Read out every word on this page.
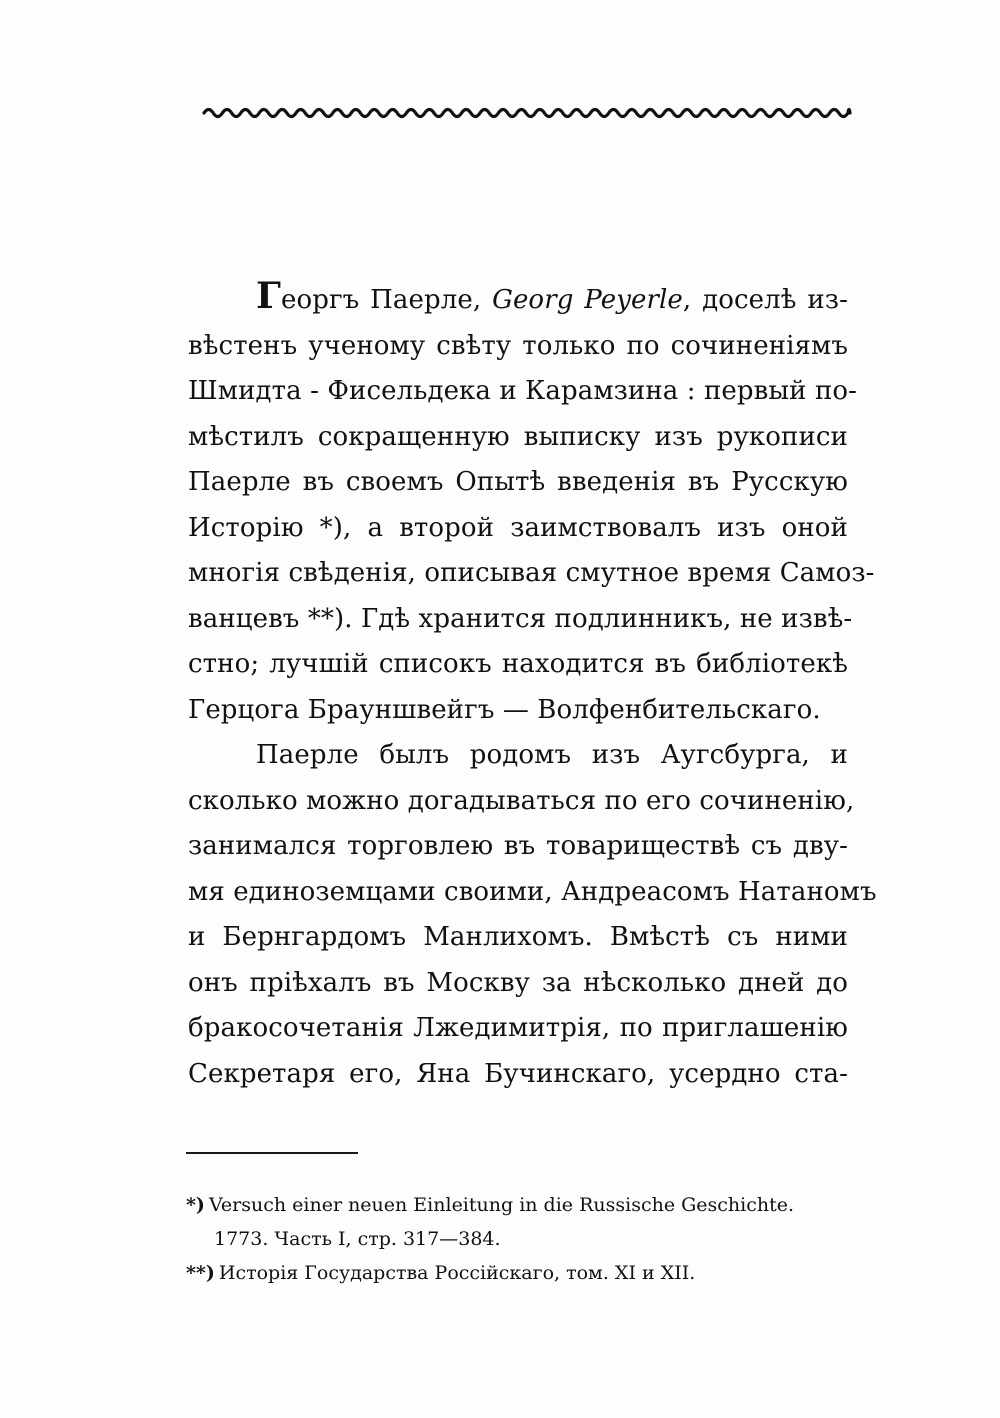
Георгъ Паерле, Georg Peyerle, доселѣ из-
вѣстенъ ученому свѣту только по сочиненіямъ
Шмидта - Фисельдека и Карамзина : первый по-
мѣстилъ сокращенную выписку изъ рукописи
Паерле въ своемъ Опытѣ введенія въ Русскую
Исторію *), а второй заимствовалъ изъ оной
многія свѣденія, описывая смутное время Самоз-
ванцевъ **). Гдѣ хранится подлинникъ, не извѣ-
стно; лучшій списокъ находится въ библіотекѣ
Герцога Брауншвейгъ — Волфенбительскаго.
Паерле былъ родомъ изъ Аугсбурга, и
сколько можно догадываться по его сочиненію,
занимался торговлею въ товариществѣ съ дву-
мя единоземцами своими, Андреасомъ Натаномъ
и Бернгардомъ Манлихомъ. Вмѣстѣ съ ними
онъ пріѣхалъ въ Москву за нѣсколько дней до
бракосочетанія Лжедимитрія, по приглашенію
Секретаря его, Яна Бучинскаго, усердно ста-
*) Versuch einer neuen Einleitung in die Russische Geschichte.
1773. Часть I, стр. 317—384.
**) Исторія Государства Россійскаго, том. XI и XII.
